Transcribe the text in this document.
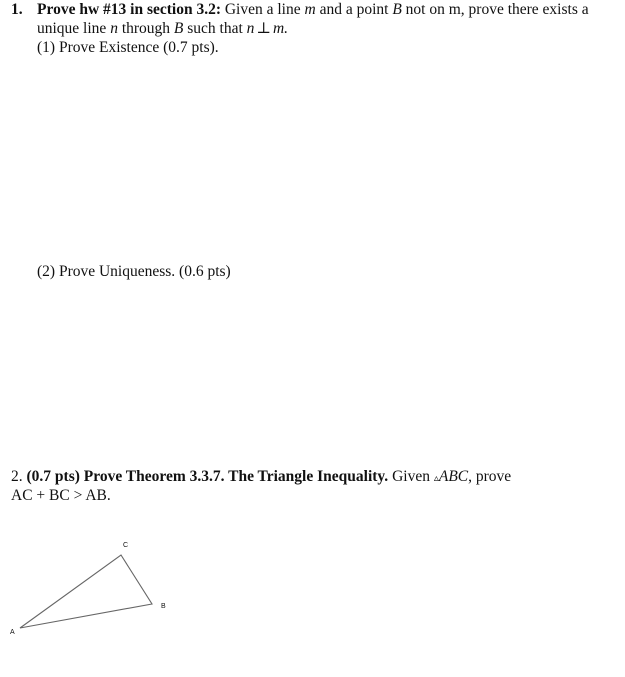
1. Prove hw #13 in section 3.2: Given a line m and a point B not on m, prove there exists a
unique line n through B such that n ⊥ m.
(1) Prove Existence (0.7 pts).
(2) Prove Uniqueness. (0.6 pts)
2. (0.7 pts) Prove Theorem 3.3.7. The Triangle Inequality. Given ▵ABC, prove
AC + BC > AB.
A
B
C
